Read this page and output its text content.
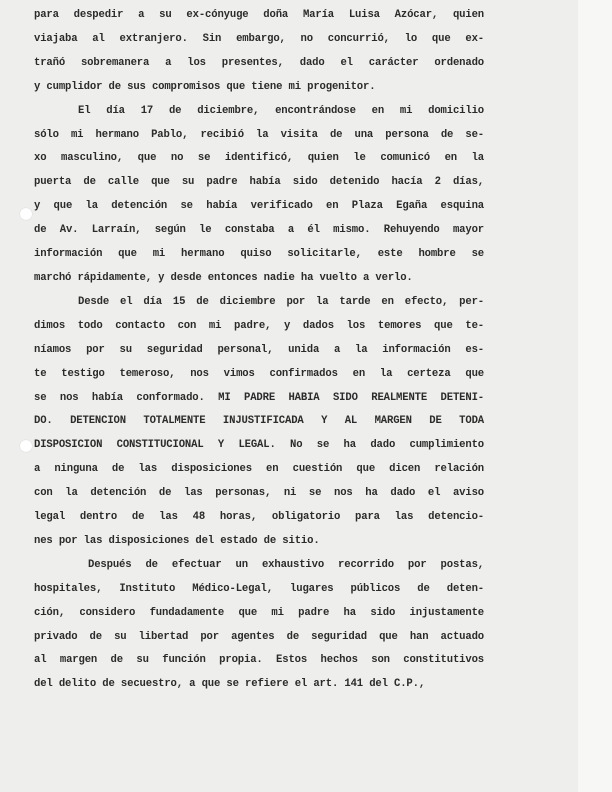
para despedir a su ex-cónyuge doña María Luisa Azócar, quien
viajaba al extranjero. Sin embargo, no concurrió, lo que ex-
trañó sobremanera a los presentes, dado el carácter ordenado
y cumplidor de sus compromisos que tiene mi progenitor.
El día 17 de diciembre, encontrándose en mi domicilio
sólo mi hermano Pablo, recibió la visita de una persona de se-
xo masculino, que no se identificó, quien le comunicó en la
puerta de calle que su padre había sido detenido hacía 2 días,
y que la detención se había verificado en Plaza Egaña esquina
de Av. Larraín, según le constaba a él mismo. Rehuyendo mayor
información que mi hermano quiso solicitarle, este hombre se
marchó rápidamente, y desde entonces nadie ha vuelto a verlo.
Desde el día 15 de diciembre por la tarde en efecto, per-
dimos todo contacto con mi padre, y dados los temores que te-
níamos por su seguridad personal, unida a la información es-
te testigo temeroso, nos vimos confirmados en la certeza que
se nos había conformado. MI PADRE HABIA SIDO REALMENTE DETENI-
DO. DETENCION TOTALMENTE INJUSTIFICADA Y AL MARGEN DE TODA
DISPOSICION CONSTITUCIONAL Y LEGAL. No se ha dado cumplimiento
a ninguna de las disposiciones en cuestión que dicen relación
con la detención de las personas, ni se nos ha dado el aviso
legal dentro de las 48 horas, obligatorio para las detencio-
nes por las disposiciones del estado de sitio.
Después de efectuar un exhaustivo recorrido por postas,
hospitales, Instituto Médico-Legal, lugares públicos de deten-
ción, considero fundadamente que mi padre ha sido injustamente
privado de su libertad por agentes de seguridad que han actuado
al margen de su función propia. Estos hechos son constitutivos
del delito de secuestro, a que se refiere el art. 141 del C.P.,
